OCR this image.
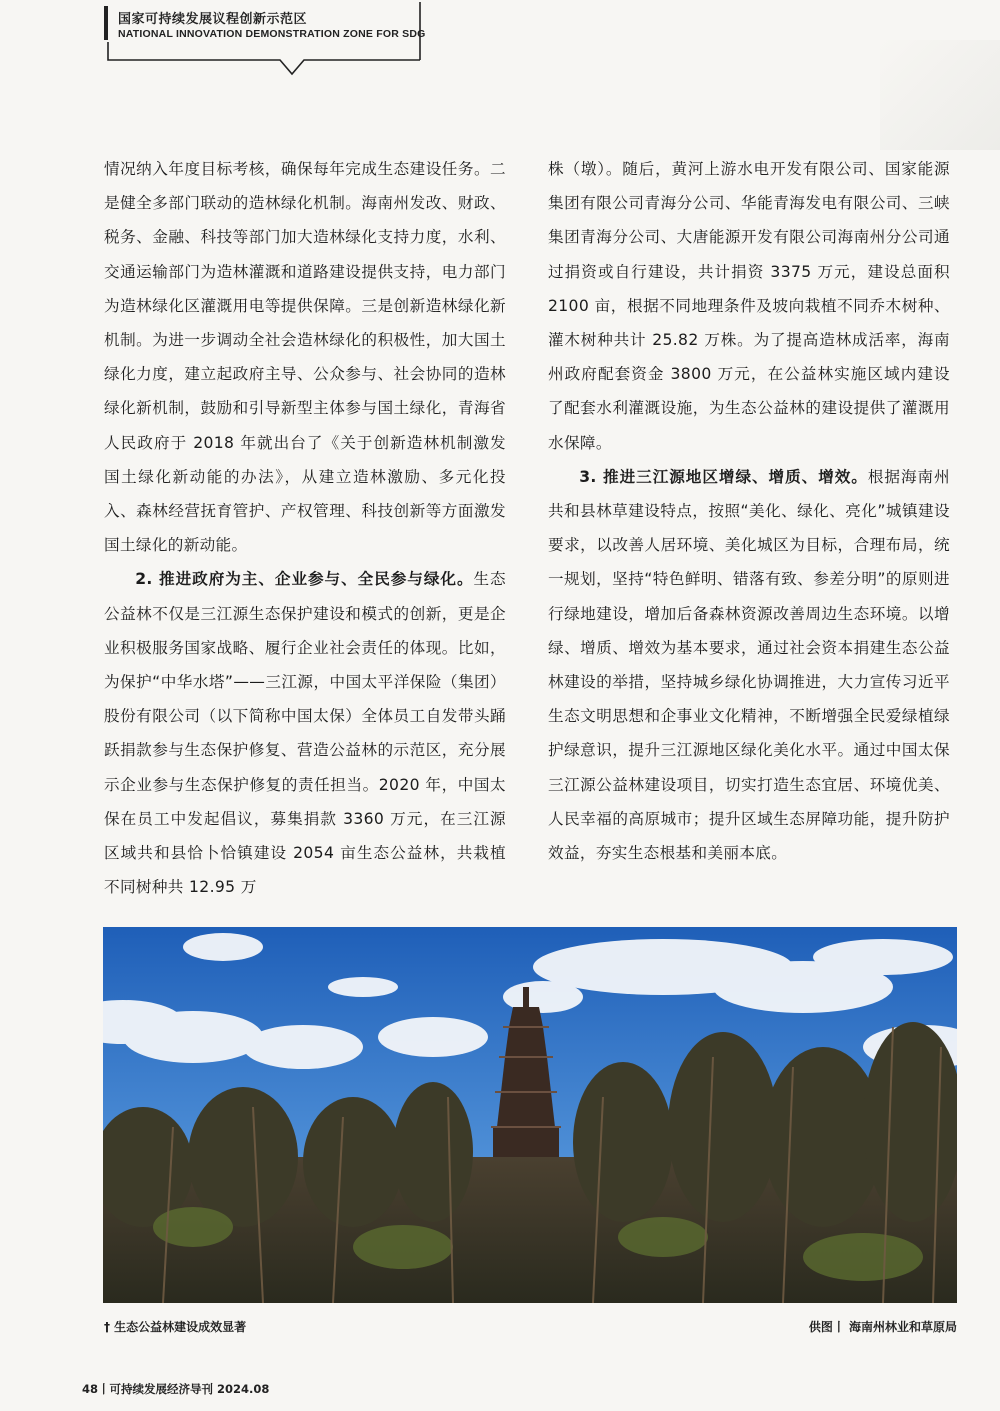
国家可持续发展议程创新示范区
NATIONAL INNOVATION DEMONSTRATION ZONE FOR SDG

情况纳入年度目标考核，确保每年完成生态建设任务。二是健全多部门联动的造林绿化机制。海南州发改、财政、税务、金融、科技等部门加大造林绿化支持力度，水利、交通运输部门为造林灌溉和道路建设提供支持，电力部门为造林绿化区灌溉用电等提供保障。三是创新造林绿化新机制。为进一步调动全社会造林绿化的积极性，加大国土绿化力度，建立起政府主导、公众参与、社会协同的造林绿化新机制，鼓励和引导新型主体参与国土绿化，青海省人民政府于 2018 年就出台了《关于创新造林机制激发国土绿化新动能的办法》，从建立造林激励、多元化投入、森林经营抚育管护、产权管理、科技创新等方面激发国土绿化的新动能。

2. 推进政府为主、企业参与、全民参与绿化。生态公益林不仅是三江源生态保护建设和模式的创新，更是企业积极服务国家战略、履行企业社会责任的体现。比如，为保护“中华水塔”——三江源，中国太平洋保险（集团）股份有限公司（以下简称中国太保）全体员工自发带头踊跃捐款参与生态保护修复、营造公益林的示范区，充分展示企业参与生态保护修复的责任担当。2020 年，中国太保在员工中发起倡议，募集捐款 3360 万元，在三江源区域共和县恰卜恰镇建设 2054 亩生态公益林，共栽植不同树种共 12.95 万

株（墩）。随后，黄河上游水电开发有限公司、国家能源集团有限公司青海分公司、华能青海发电有限公司、三峡集团青海分公司、大唐能源开发有限公司海南州分公司通过捐资或自行建设，共计捐资 3375 万元，建设总面积 2100 亩，根据不同地理条件及坡向栽植不同乔木树种、灌木树种共计 25.82 万株。为了提高造林成活率，海南州政府配套资金 3800 万元，在公益林实施区域内建设了配套水利灌溉设施，为生态公益林的建设提供了灌溉用水保障。

3. 推进三江源地区增绿、增质、增效。根据海南州共和县林草建设特点，按照“美化、绿化、亮化”城镇建设要求，以改善人居环境、美化城区为目标，合理布局，统一规划，坚持“特色鲜明、错落有致、参差分明”的原则进行绿地建设，增加后备森林资源改善周边生态环境。以增绿、增质、增效为基本要求，通过社会资本捐建生态公益林建设的举措，坚持城乡绿化协调推进，大力宣传习近平生态文明思想和企事业文化精神，不断增强全民爱绿植绿护绿意识，提升三江源地区绿化美化水平。通过中国太保三江源公益林建设项目，切实打造生态宜居、环境优美、人民幸福的高原城市；提升区域生态屏障功能，提升防护效益，夯实生态根基和美丽本底。

† 生态公益林建设成效显著	供图丨 海南州林业和草原局
48丨可持续发展经济导刊 2024.08
